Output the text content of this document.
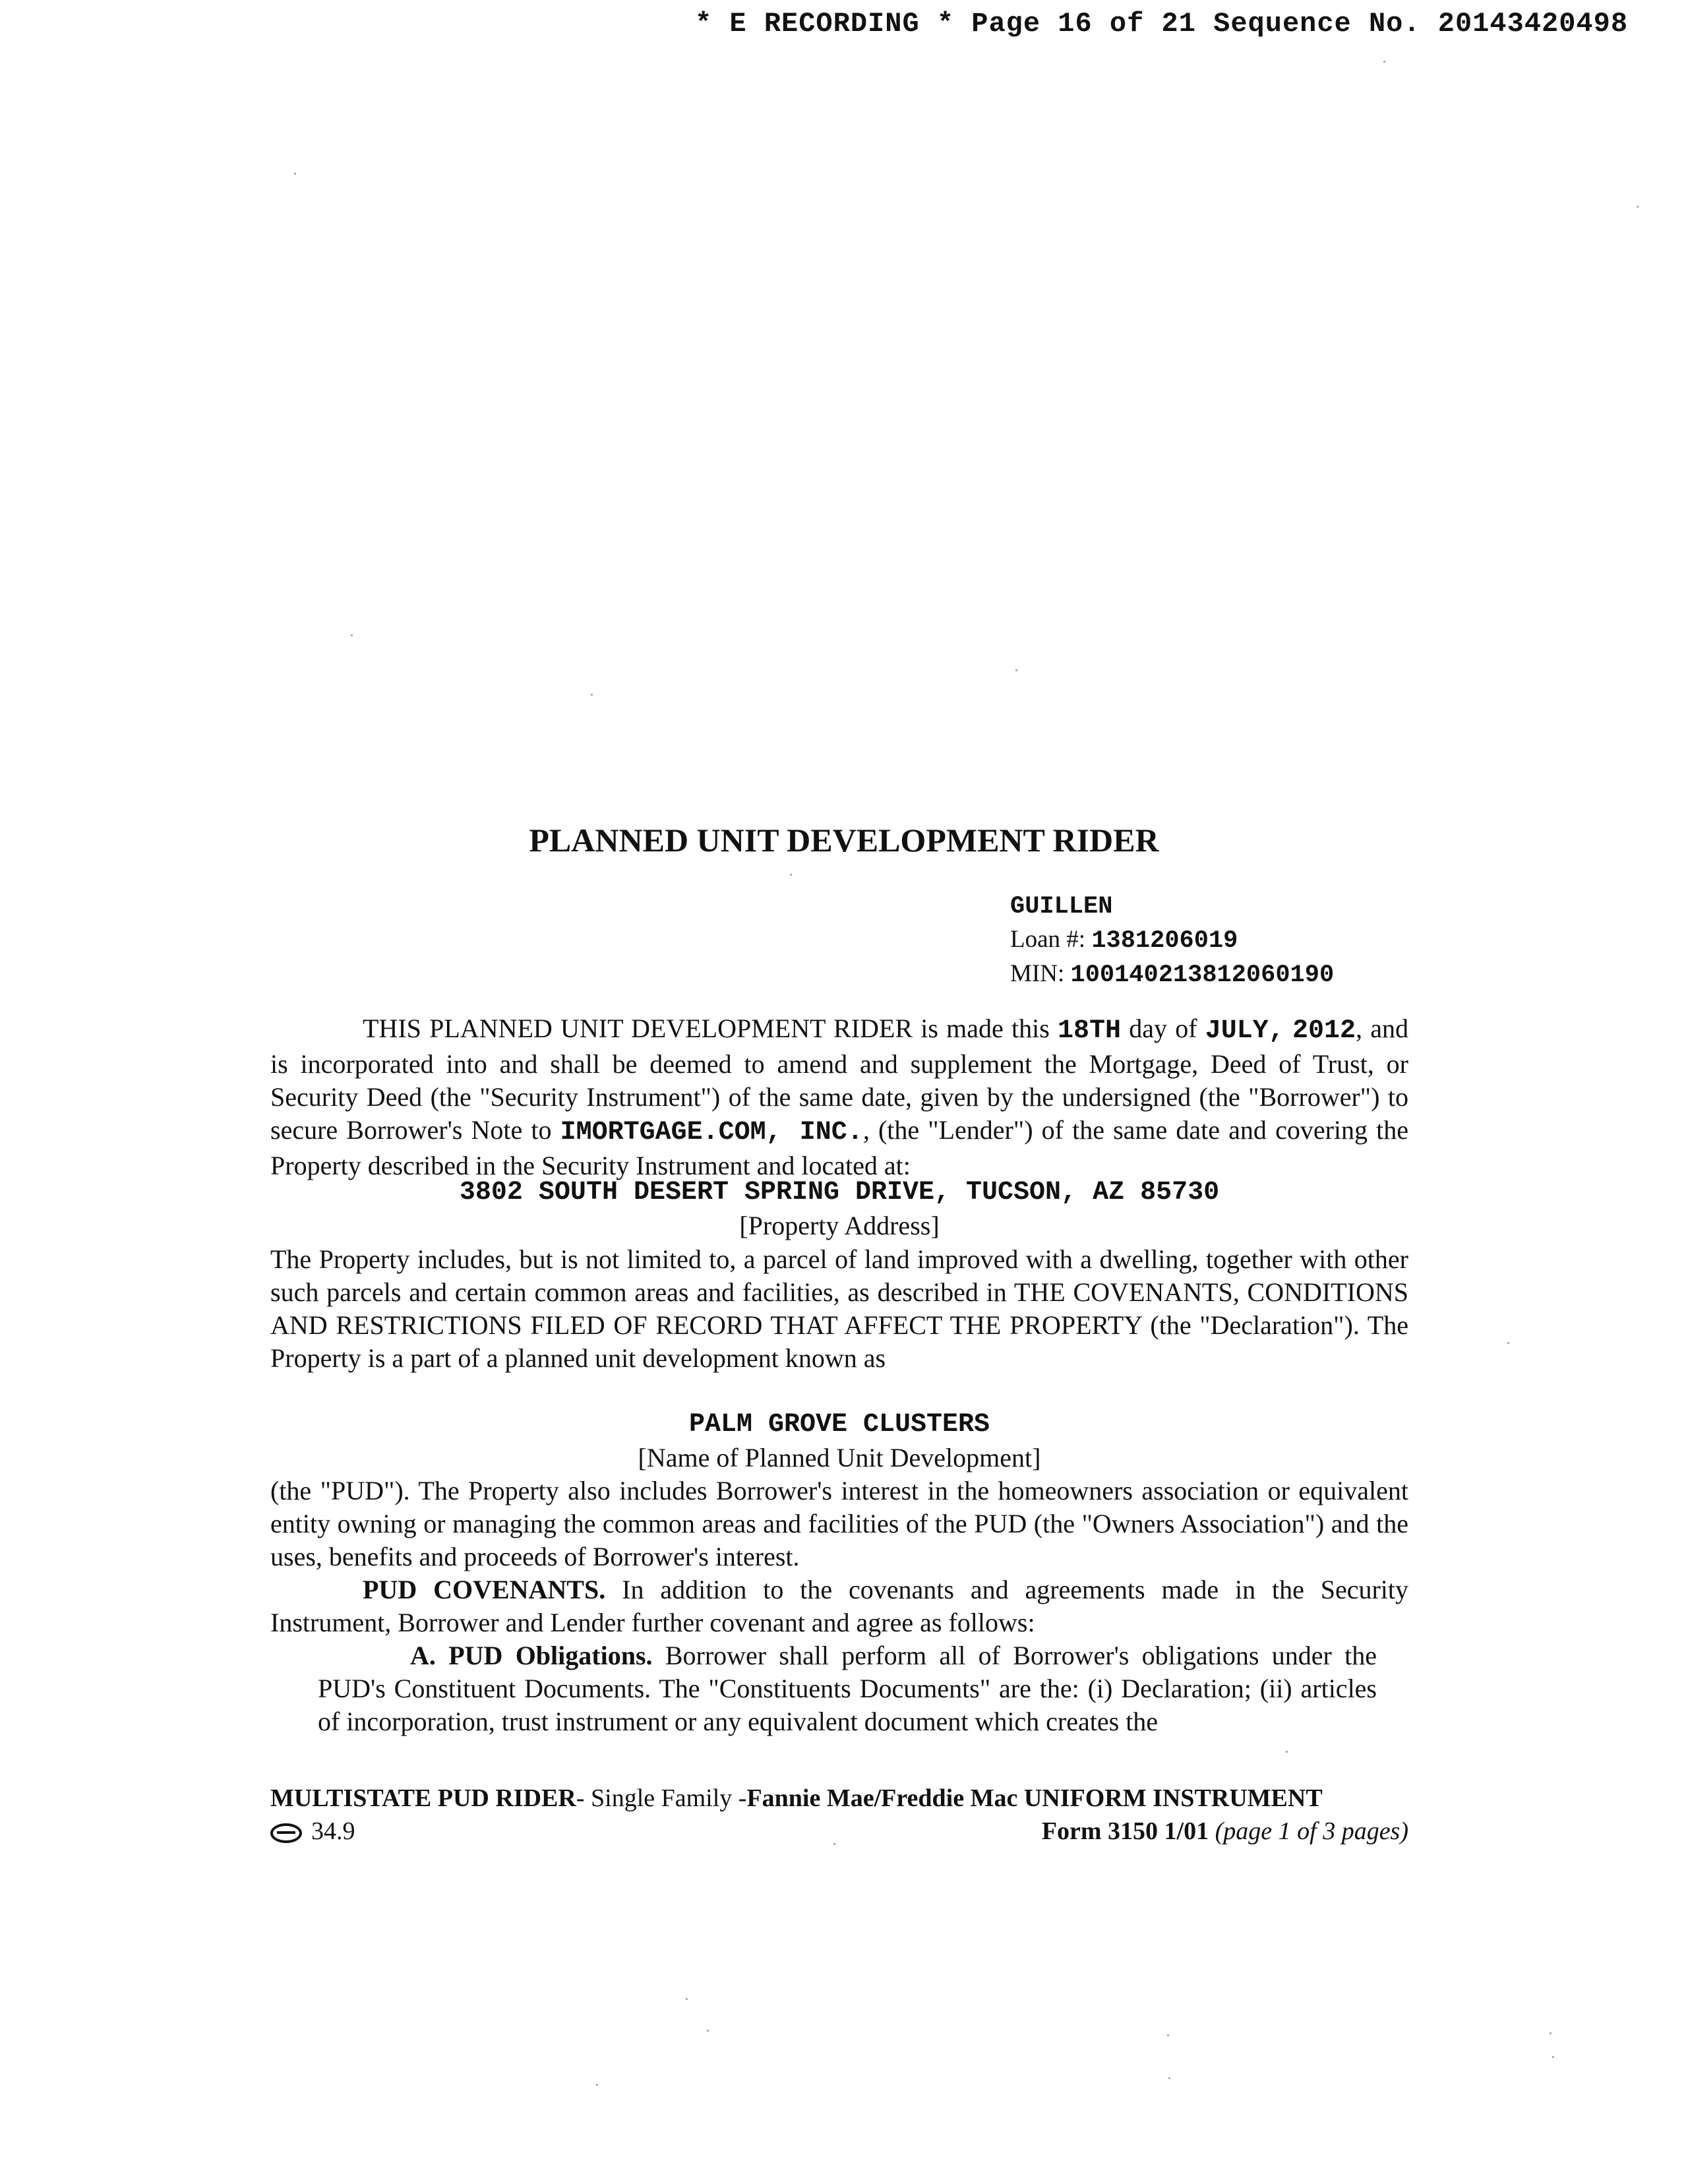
* E RECORDING * Page 16 of 21 Sequence No. 20143420498
PLANNED UNIT DEVELOPMENT RIDER
GUILLEN
Loan #: 1381206019
MIN: 100140213812060190
THIS PLANNED UNIT DEVELOPMENT RIDER is made this 18TH day of JULY, 2012, and is incorporated into and shall be deemed to amend and supplement the Mortgage, Deed of Trust, or Security Deed (the "Security Instrument") of the same date, given by the undersigned (the "Borrower") to secure Borrower's Note to IMORTGAGE.COM, INC., (the "Lender") of the same date and covering the Property described in the Security Instrument and located at:
3802 SOUTH DESERT SPRING DRIVE, TUCSON, AZ 85730
[Property Address]
The Property includes, but is not limited to, a parcel of land improved with a dwelling, together with other such parcels and certain common areas and facilities, as described in THE COVENANTS, CONDITIONS AND RESTRICTIONS FILED OF RECORD THAT AFFECT THE PROPERTY (the "Declaration"). The Property is a part of a planned unit development known as
PALM GROVE CLUSTERS
[Name of Planned Unit Development]
(the "PUD"). The Property also includes Borrower's interest in the homeowners association or equivalent entity owning or managing the common areas and facilities of the PUD (the "Owners Association") and the uses, benefits and proceeds of Borrower's interest.
PUD COVENANTS. In addition to the covenants and agreements made in the Security Instrument, Borrower and Lender further covenant and agree as follows:
A. PUD Obligations. Borrower shall perform all of Borrower's obligations under the PUD's Constituent Documents. The "Constituents Documents" are the: (i) Declaration; (ii) articles of incorporation, trust instrument or any equivalent document which creates the
MULTISTATE PUD RIDER- Single Family -Fannie Mae/Freddie Mac UNIFORM INSTRUMENT
34.9	Form 3150 1/01 (page 1 of 3 pages)
